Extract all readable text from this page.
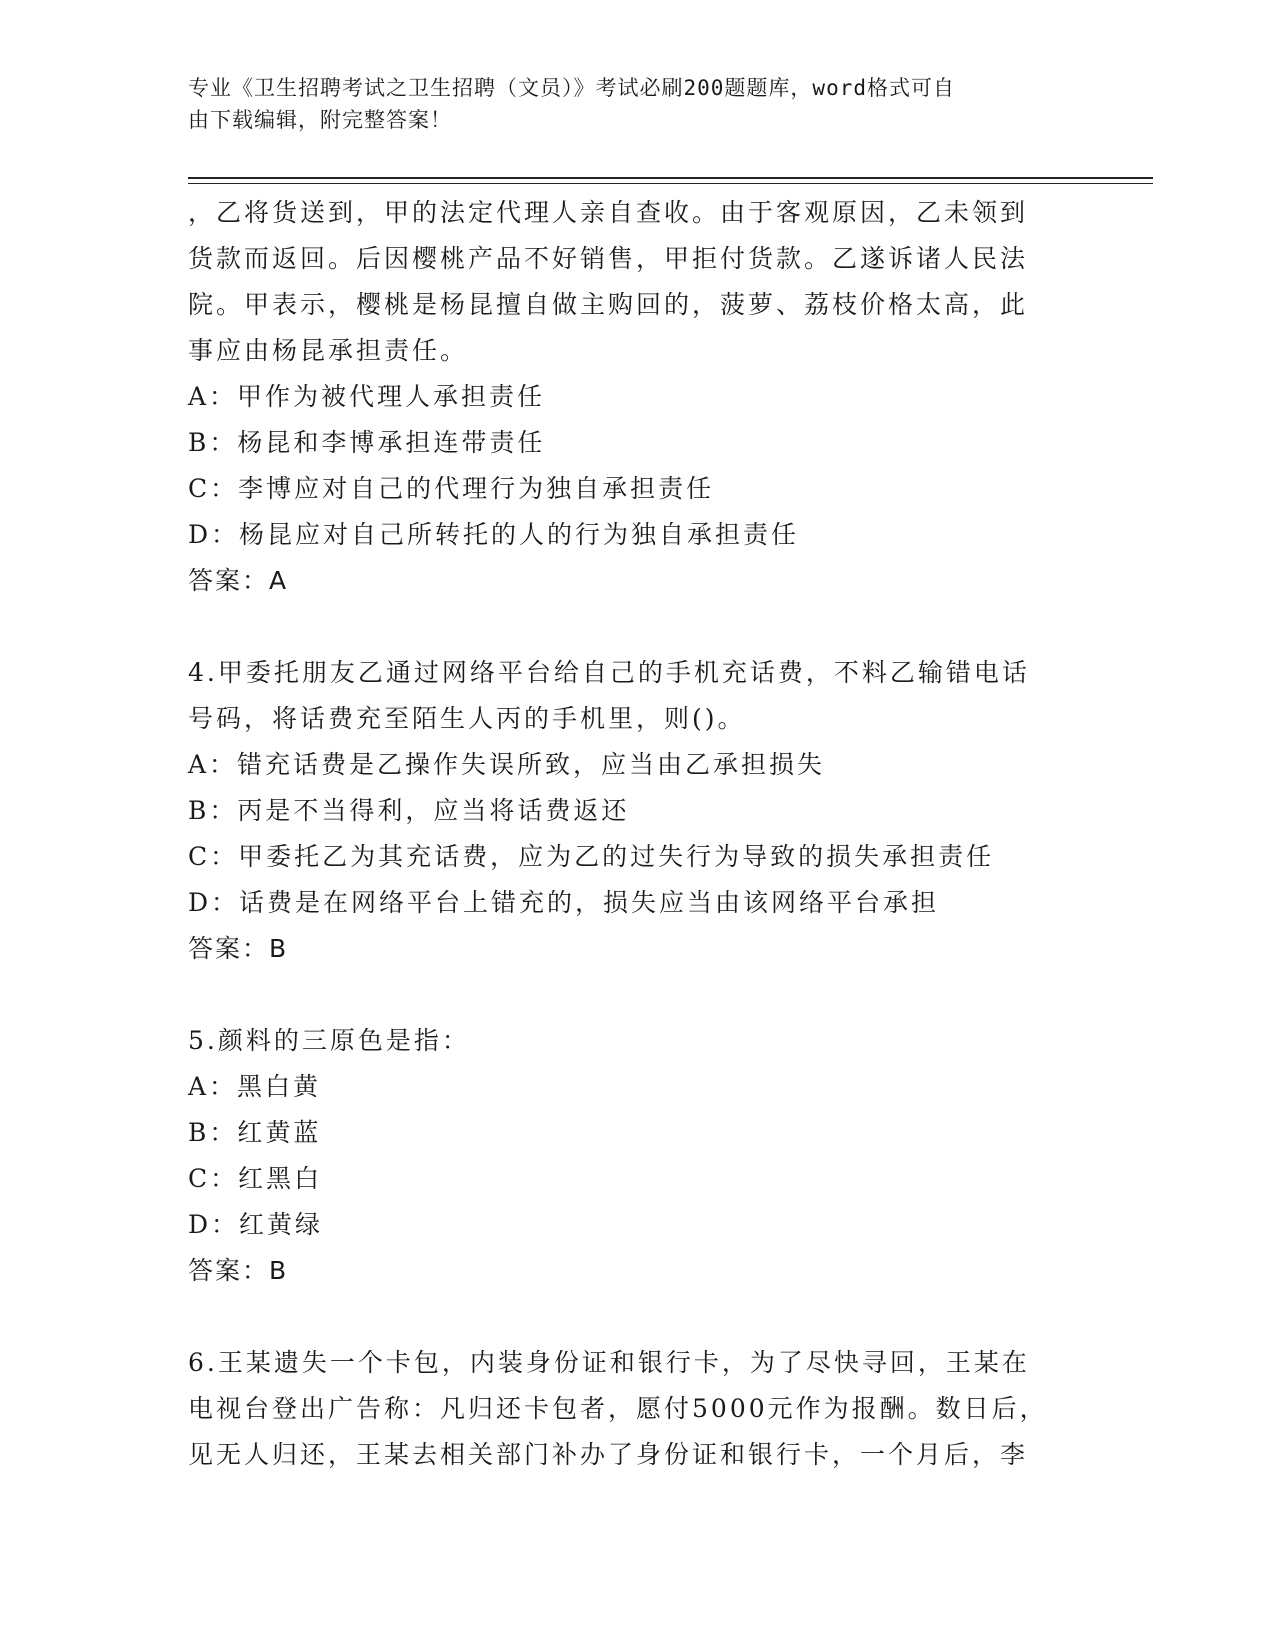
专业《卫生招聘考试之卫生招聘（文员）》考试必刷200题题库，word格式可自
由下载编辑，附完整答案！
，乙将货送到，甲的法定代理人亲自查收。由于客观原因，乙未领到
货款而返回。后因樱桃产品不好销售，甲拒付货款。乙遂诉诸人民法
院。甲表示，樱桃是杨昆擅自做主购回的，菠萝、荔枝价格太高，此
事应由杨昆承担责任。
A：甲作为被代理人承担责任
B：杨昆和李博承担连带责任
C：李博应对自己的代理行为独自承担责任
D：杨昆应对自己所转托的人的行为独自承担责任
答案：A
4.甲委托朋友乙通过网络平台给自己的手机充话费，不料乙输错电话
号码，将话费充至陌生人丙的手机里，则()。
A：错充话费是乙操作失误所致，应当由乙承担损失
B：丙是不当得利，应当将话费返还
C：甲委托乙为其充话费，应为乙的过失行为导致的损失承担责任
D：话费是在网络平台上错充的，损失应当由该网络平台承担
答案：B
5.颜料的三原色是指：
A：黑白黄
B：红黄蓝
C：红黑白
D：红黄绿
答案：B
6.王某遗失一个卡包，内装身份证和银行卡，为了尽快寻回，王某在
电视台登出广告称：凡归还卡包者，愿付5000元作为报酬。数日后，
见无人归还，王某去相关部门补办了身份证和银行卡，一个月后，李
